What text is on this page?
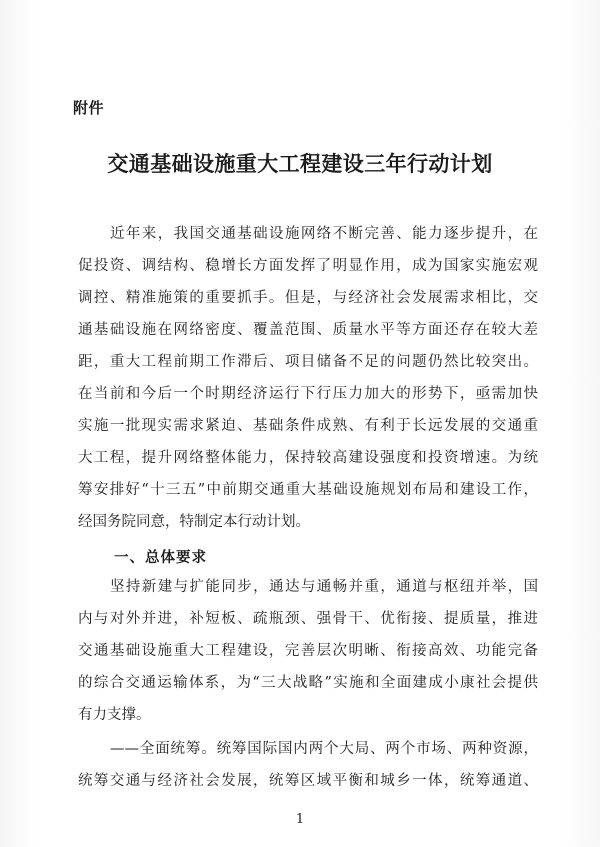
附件
交通基础设施重大工程建设三年行动计划
近年来，我国交通基础设施网络不断完善、能力逐步提升，在
促投资、调结构、稳增长方面发挥了明显作用，成为国家实施宏观
调控、精准施策的重要抓手。但是，与经济社会发展需求相比，交
通基础设施在网络密度、覆盖范围、质量水平等方面还存在较大差
距，重大工程前期工作滞后、项目储备不足的问题仍然比较突出。
在当前和今后一个时期经济运行下行压力加大的形势下，亟需加快
实施一批现实需求紧迫、基础条件成熟、有利于长远发展的交通重
大工程，提升网络整体能力，保持较高建设强度和投资增速。为统
筹安排好“十三五”中前期交通重大基础设施规划布局和建设工作，
经国务院同意，特制定本行动计划。
一、总体要求
坚持新建与扩能同步，通达与通畅并重，通道与枢纽并举，国
内与对外并进，补短板、疏瓶颈、强骨干、优衔接、提质量，推进
交通基础设施重大工程建设，完善层次明晰、衔接高效、功能完备
的综合交通运输体系，为“三大战略”实施和全面建成小康社会提供
有力支撑。
——全面统筹。统筹国际国内两个大局、两个市场、两种资源，
统筹交通与经济社会发展，统筹区域平衡和城乡一体，统筹通道、
1
